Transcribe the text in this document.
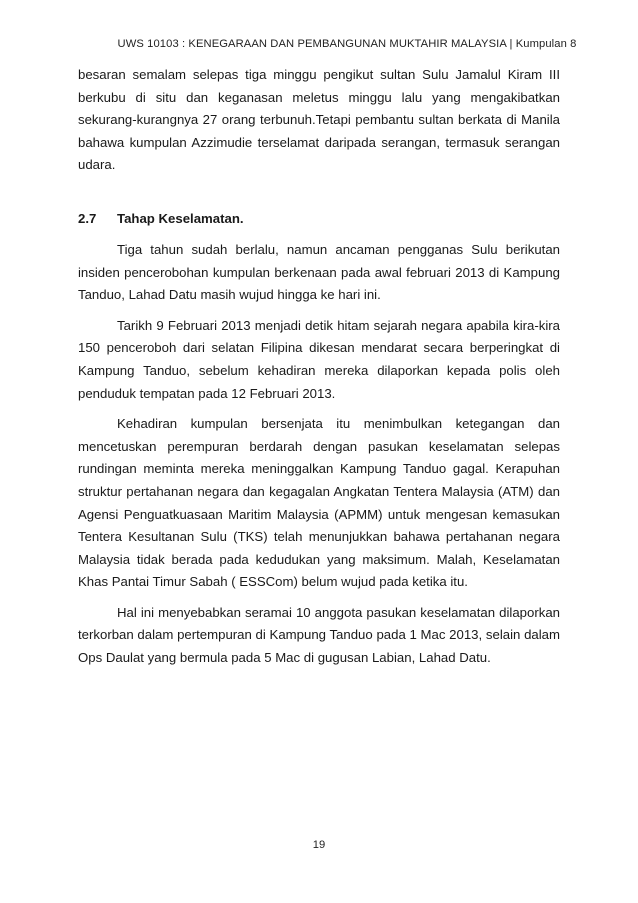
UWS 10103 : KENEGARAAN DAN PEMBANGUNAN MUKTAHIR MALAYSIA | Kumpulan 8

besaran semalam selepas tiga minggu pengikut sultan Sulu Jamalul Kiram III berkubu di situ dan keganasan meletus minggu lalu yang mengakibatkan sekurang-kurangnya 27 orang terbunuh.Tetapi pembantu sultan berkata di Manila bahawa kumpulan Azzimudie terselamat daripada serangan, termasuk serangan udara.

2.7 Tahap Keselamatan.

Tiga tahun sudah berlalu, namun ancaman pengganas Sulu berikutan insiden pencerobohan kumpulan berkenaan pada awal februari 2013 di Kampung Tanduo, Lahad Datu masih wujud hingga ke hari ini.

Tarikh 9 Februari 2013 menjadi detik hitam sejarah negara apabila kira-kira 150 penceroboh dari selatan Filipina dikesan mendarat secara berperingkat di Kampung Tanduo, sebelum kehadiran mereka dilaporkan kepada polis oleh penduduk tempatan pada 12 Februari 2013.

Kehadiran kumpulan bersenjata itu menimbulkan ketegangan dan mencetuskan perempuran berdarah dengan pasukan keselamatan selepas rundingan meminta mereka meninggalkan Kampung Tanduo gagal. Kerapuhan struktur pertahanan negara dan kegagalan Angkatan Tentera Malaysia (ATM) dan Agensi Penguatkuasaan Maritim Malaysia (APMM) untuk mengesan kemasukan Tentera Kesultanan Sulu (TKS) telah menunjukkan bahawa pertahanan negara Malaysia tidak berada pada kedudukan yang maksimum. Malah, Keselamatan Khas Pantai Timur Sabah ( ESSCom) belum wujud pada ketika itu.

Hal ini menyebabkan seramai 10 anggota pasukan keselamatan dilaporkan terkorban dalam pertempuran di Kampung Tanduo pada 1 Mac 2013, selain dalam Ops Daulat yang bermula pada 5 Mac di gugusan Labian, Lahad Datu.

19
